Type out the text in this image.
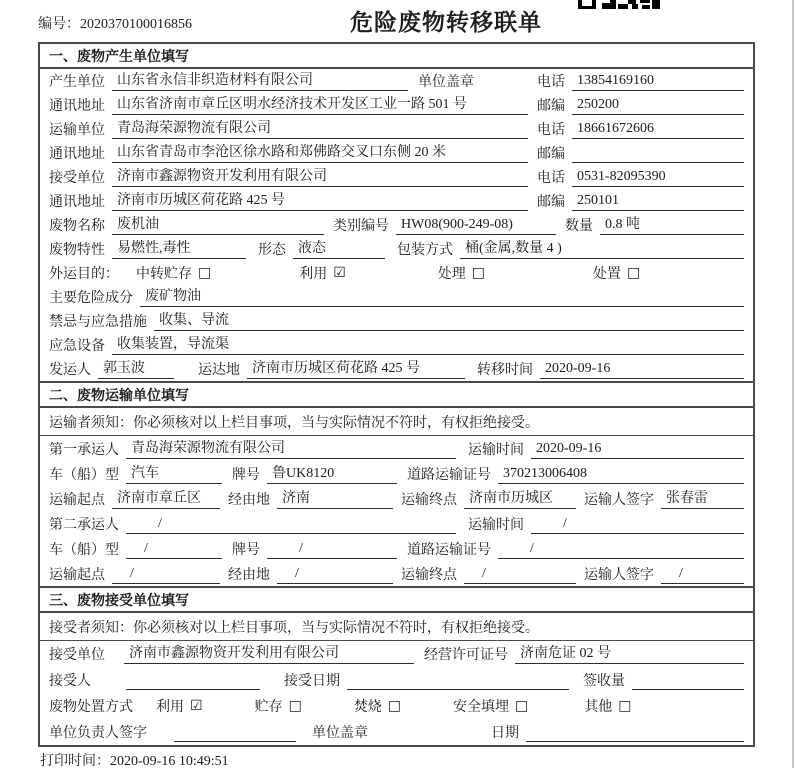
编号：2020370100016856	危险废物转移联单
一、废物产生单位填写
产生单位 山东省永信非织造材料有限公司	单位盖章	电话 13854169160
通讯地址 山东省济南市章丘区明水经济技术开发区工业一路 501 号	邮编 250200
运输单位 青岛海荣源物流有限公司	电话 18661672606
通讯地址 山东省青岛市李沧区徐水路和郑佛路交叉口东侧 20 米	邮编
接受单位 济南市鑫源物资开发利用有限公司	电话 0531-82095390
通讯地址 济南市历城区荷花路 425 号	邮编 250101
废物名称 废机油	类别编号 HW08(900-249-08)	数量 0.8 吨
废物特性 易燃性,毒性	形态 液态	包装方式 桶(金属,数量 4 )
外运目的： 中转贮存 □	利用 ☑	处理 □	处置 □
主要危险成分 废矿物油
禁忌与应急措施 收集、导流
应急设备 收集装置，导流渠
发运人 郭玉波	运达地 济南市历城区荷花路 425 号	转移时间 2020-09-16
二、废物运输单位填写
运输者须知：你必须核对以上栏目事项，当与实际情况不符时，有权拒绝接受。
第一承运人 青岛海荣源物流有限公司	运输时间 2020-09-16
车（船）型 汽车	牌号 鲁UK8120	道路运输证号 370213006408
运输起点 济南市章丘区	经由地 济南	运输终点 济南市历城区	运输人签字 张春雷
第二承运人	/	运输时间	/
车（船）型	/	牌号	/	道路运输证号	/
运输起点	/	经由地	/	运输终点	/	运输人签字	/
三、废物接受单位填写
接受者须知：你必须核对以上栏目事项，当与实际情况不符时，有权拒绝接受。
接受单位	济南市鑫源物资开发利用有限公司	经营许可证号 济南危证 02 号
接受人	接受日期	签收量
废物处置方式 利用 ☑	贮存 □	焚烧 □	安全填埋 □	其他 □
单位负责人签字	单位盖章	日期
打印时间：2020-09-16 10:49:51
